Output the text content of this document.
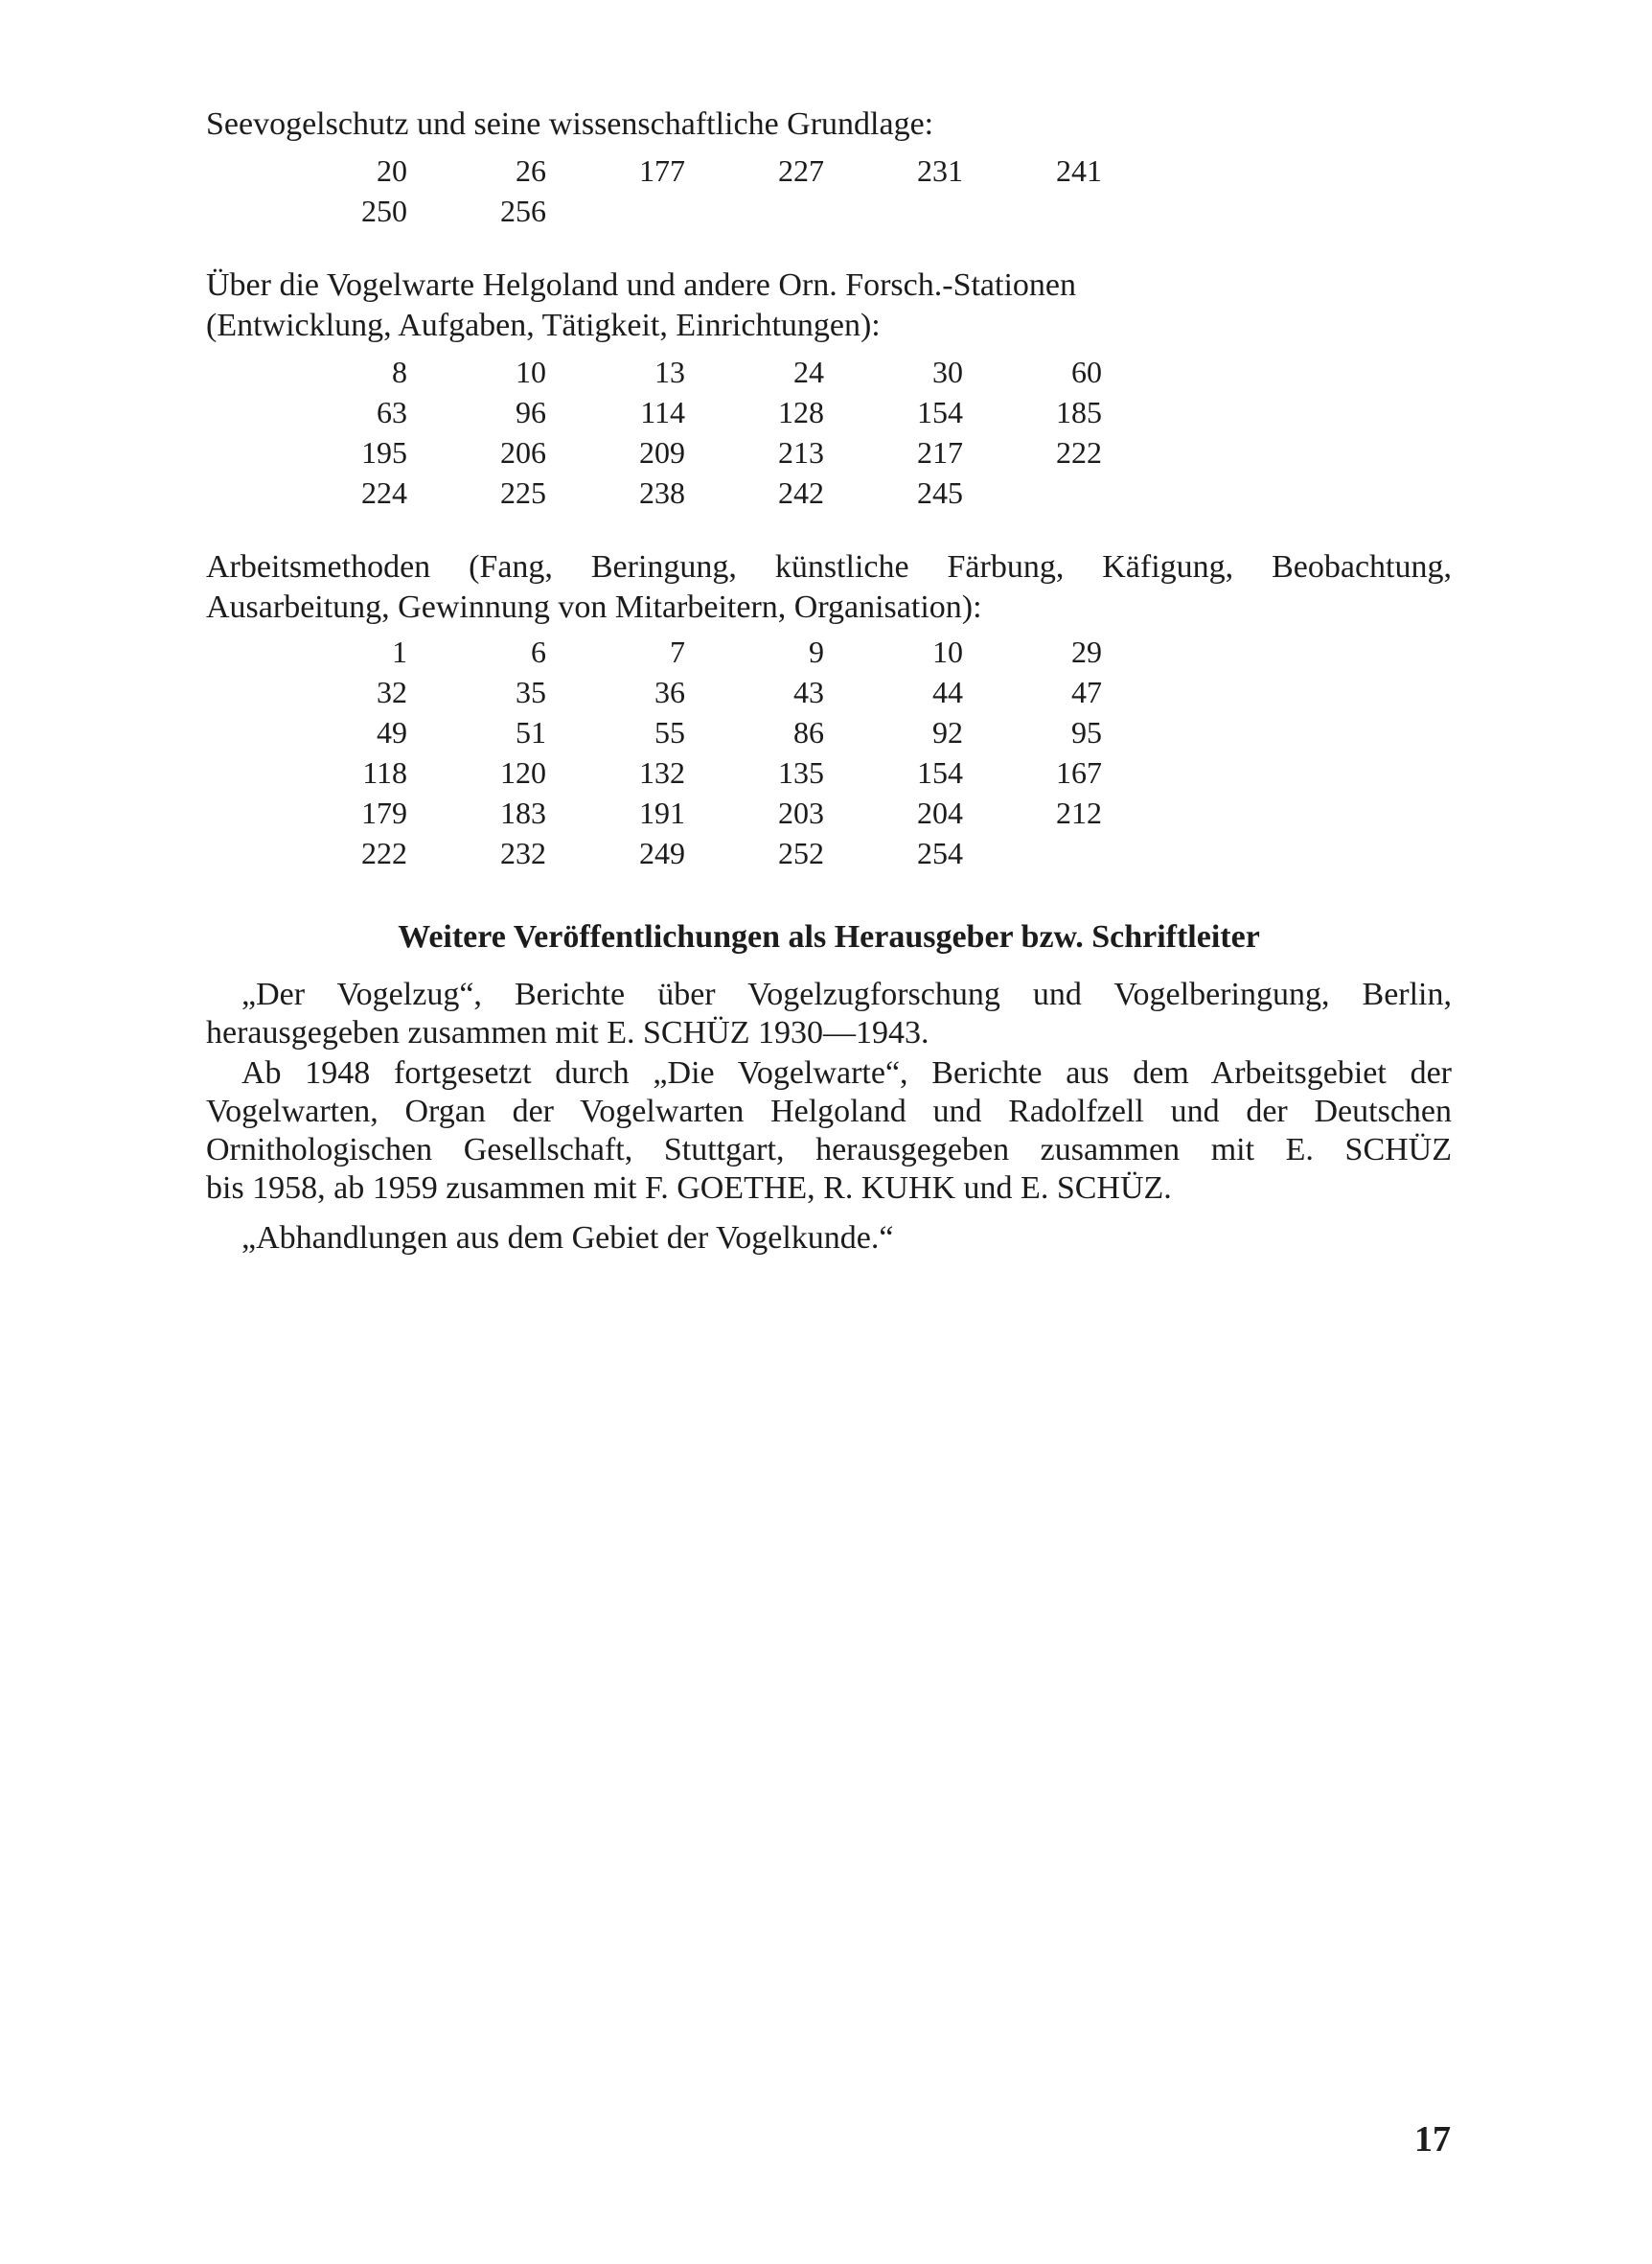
Seevogelschutz und seine wissenschaftliche Grundlage:
20	26	177	227	231	241
250	256
Über die Vogelwarte Helgoland und andere Orn. Forsch.-Stationen
(Entwicklung, Aufgaben, Tätigkeit, Einrichtungen):
8	10	13	24	30	60
63	96	114	128	154	185
195	206	209	213	217	222
224	225	238	242	245
Arbeitsmethoden (Fang, Beringung, künstliche Färbung, Käfigung, Beobachtung,
Ausarbeitung, Gewinnung von Mitarbeitern, Organisation):
1	6	7	9	10	29
32	35	36	43	44	47
49	51	55	86	92	95
118	120	132	135	154	167
179	183	191	203	204	212
222	232	249	252	254
Weitere Veröffentlichungen als Herausgeber bzw. Schriftleiter
„Der Vogelzug“, Berichte über Vogelzugforschung und Vogelberingung, Berlin,
herausgegeben zusammen mit E. SCHÜZ 1930—1943.
Ab 1948 fortgesetzt durch „Die Vogelwarte“, Berichte aus dem Arbeitsgebiet der
Vogelwarten, Organ der Vogelwarten Helgoland und Radolfzell und der Deutschen
Ornithologischen Gesellschaft, Stuttgart, herausgegeben zusammen mit E. SCHÜZ
bis 1958, ab 1959 zusammen mit F. GOETHE, R. KUHK und E. SCHÜZ.
„Abhandlungen aus dem Gebiet der Vogelkunde.“
17
